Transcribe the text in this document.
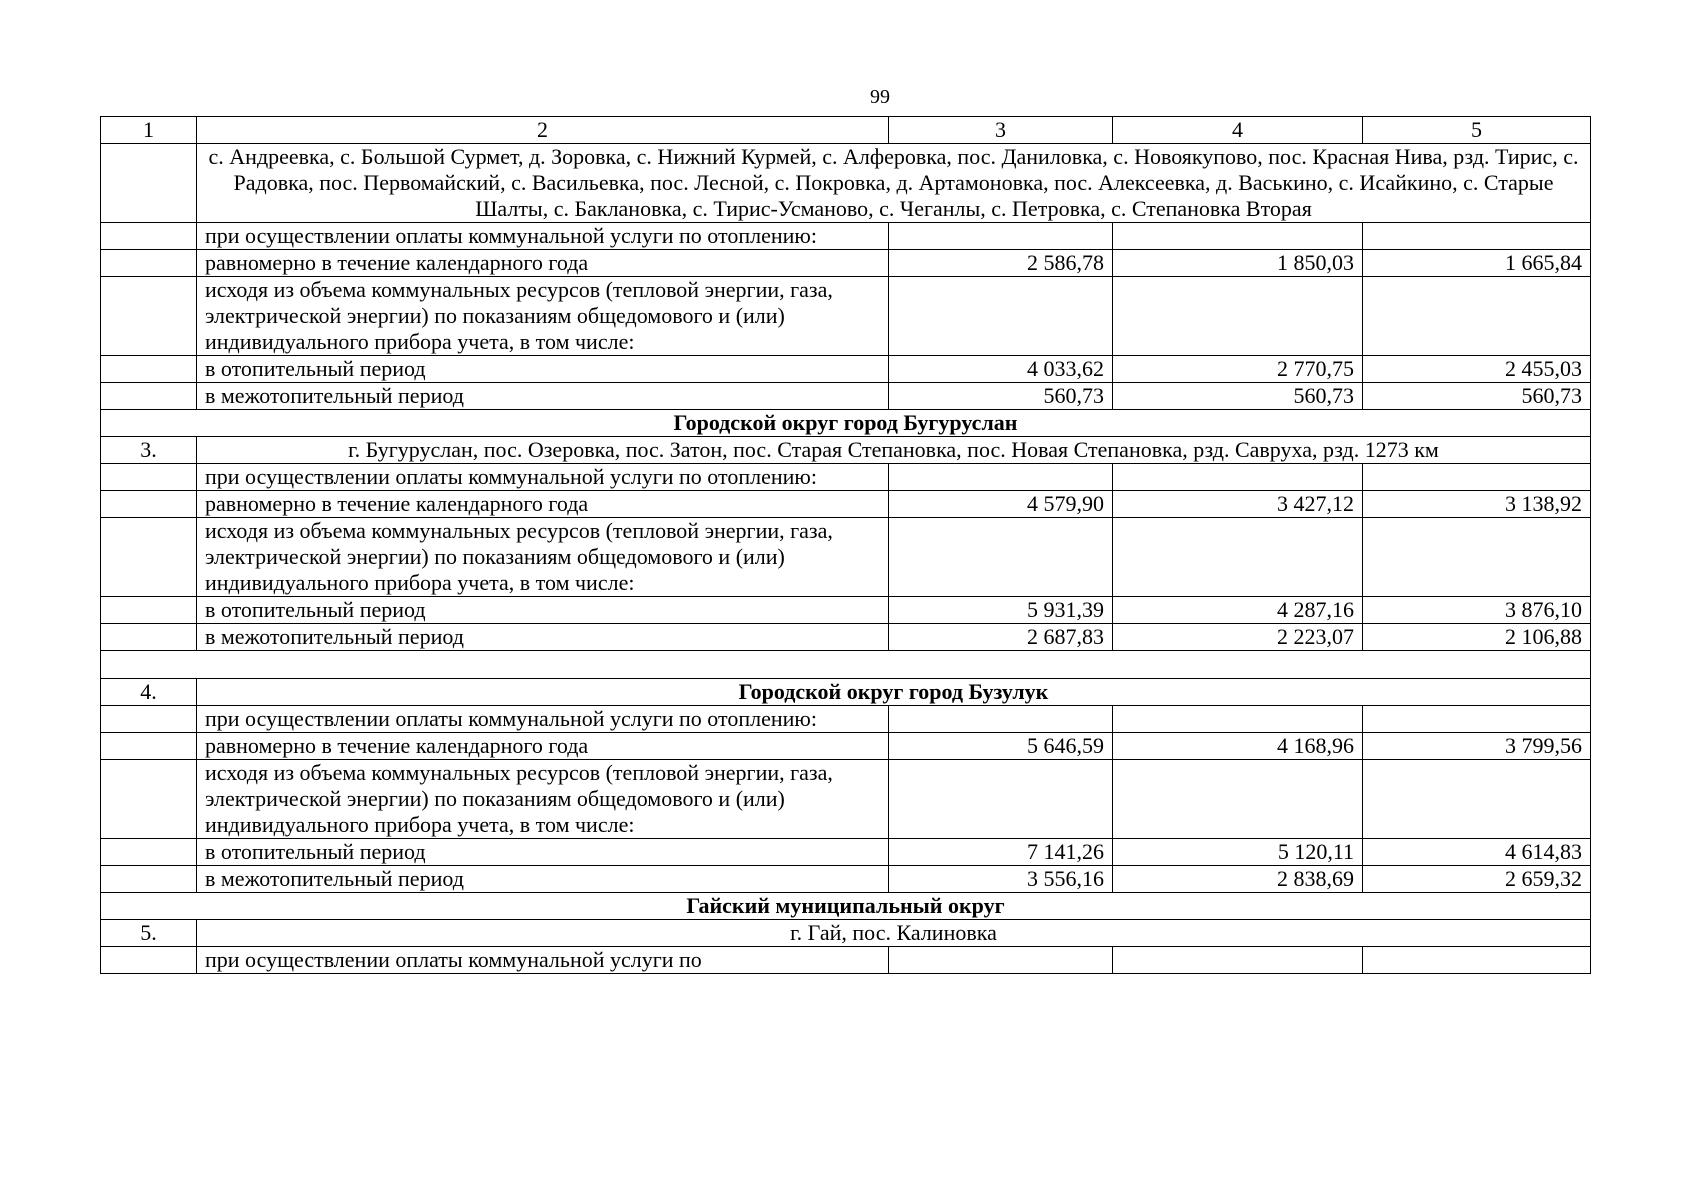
99
1	2	3	4	5
	с. Андреевка, с. Большой Сурмет, д. Зоровка, с. Нижний Курмей, с. Алферовка, пос. Даниловка, с. Новоякупово, пос. Красная Нива, рзд. Тирис, с. Радовка, пос. Первомайский, с. Васильевка, пос. Лесной, с. Покровка, д. Артамоновка, пос. Алексеевка, д. Васькино, с. Исайкино, с. Старые Шалты, с. Баклановка, с. Тирис-Усманово, с. Чеганлы, с. Петровка, с. Степановка Вторая			
	при осуществлении оплаты коммунальной услуги по отоплению:			
	равномерно в течение календарного года	2 586,78	1 850,03	1 665,84
	исходя из объема коммунальных ресурсов (тепловой энергии, газа, электрической энергии) по показаниям общедомового и (или) индивидуального прибора учета, в том числе:			
	в отопительный период	4 033,62	2 770,75	2 455,03
	в межотопительный период	560,73	560,73	560,73
Городской округ город Бугуруслан				
3.	г. Бугуруслан, пос. Озеровка, пос. Затон, пос. Старая Степановка, пос. Новая Степановка, рзд. Савруха, рзд. 1273 км			
	при осуществлении оплаты коммунальной услуги по отоплению:			
	равномерно в течение календарного года	4 579,90	3 427,12	3 138,92
	исходя из объема коммунальных ресурсов (тепловой энергии, газа, электрической энергии) по показаниям общедомового и (или) индивидуального прибора учета, в том числе:			
	в отопительный период	5 931,39	4 287,16	3 876,10
	в межотопительный период	2 687,83	2 223,07	2 106,88

4.	Городской округ город Бузулук			
	при осуществлении оплаты коммунальной услуги по отоплению:			
	равномерно в течение календарного года	5 646,59	4 168,96	3 799,56
	исходя из объема коммунальных ресурсов (тепловой энергии, газа, электрической энергии) по показаниям общедомового и (или) индивидуального прибора учета, в том числе:			
	в отопительный период	7 141,26	5 120,11	4 614,83
	в межотопительный период	3 556,16	2 838,69	2 659,32
Гайский муниципальный округ				
5.	г. Гай, пос. Калиновка			
	при осуществлении оплаты коммунальной услуги по			
